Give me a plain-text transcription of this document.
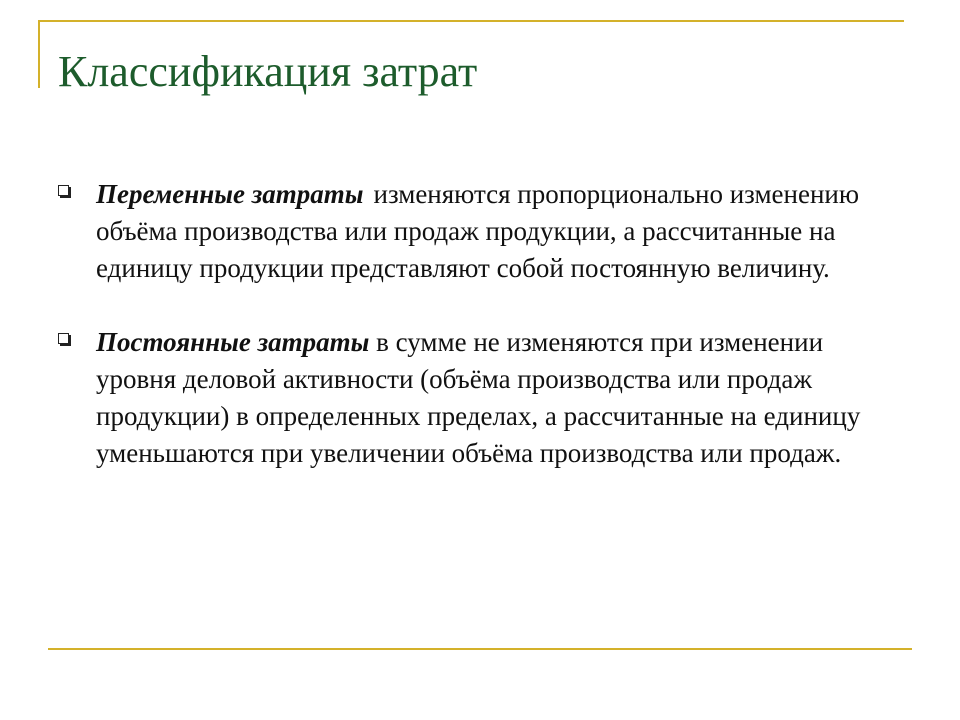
Классификация затрат
Переменные затраты изменяются пропорционально изменению объёма производства или продаж продукции, а рассчитанные на единицу продукции представляют собой постоянную величину.
Постоянные затраты в сумме не изменяются при изменении уровня деловой активности (объёма производства или продаж продукции) в определенных пределах, а рассчитанные на единицу уменьшаются при увеличении объёма производства или продаж.
